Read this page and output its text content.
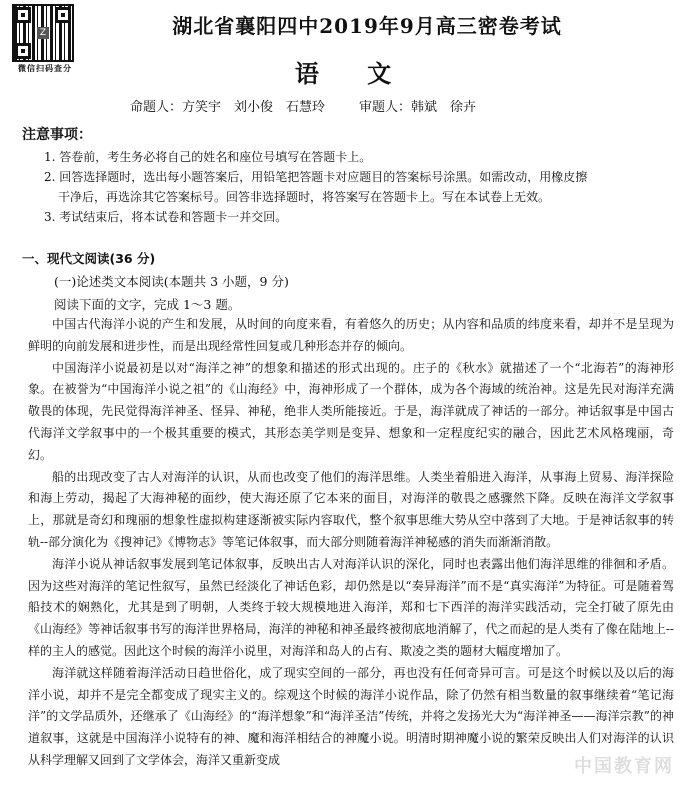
Z
微信扫码查分
湖北省襄阳四中2019年9月高三密卷考试
语 文
命题人：方笑宇　刘小俊　石慧玲	审题人：韩斌　徐卉
注意事项：

1. 答卷前，考生务必将自己的姓名和座位号填写在答题卡上。

2. 回答选择题时，选出每小题答案后，用铅笔把答题卡对应题目的答案标号涂黑。如需改动，用橡皮擦

干净后，再选涂其它答案标号。回答非选择题时，将答案写在答题卡上。写在本试卷上无效。

3. 考试结束后，将本试卷和答题卡一并交回。

一、现代文阅读(36 分)
(一)论述类文本阅读(本题共 3 小题，9 分)
阅读下面的文字，完成 1～3 题。

中国古代海洋小说的产生和发展，从时间的向度来看，有着悠久的历史；从内容和品质的纬度来看，却并不是呈现为鲜明的向前发展和进步性，而是出现经常性回复或几种形态并存的倾向。

中国海洋小说最初是以对“海洋之神”的想象和描述的形式出现的。庄子的《秋水》就描述了一个“北海若”的海神形象。在被誉为“中国海洋小说之祖”的《山海经》中，海神形成了一个群体，成为各个海域的统治神。这是先民对海洋充满敬畏的体现，先民觉得海洋神圣、怪异、神秘，绝非人类所能接近。于是，海洋就成了神话的一部分。神话叙事是中国古代海洋文学叙事中的一个极其重要的模式，其形态美学则是变异、想象和一定程度纪实的融合，因此艺术风格瑰丽，奇幻。

船的出现改变了古人对海洋的认识，从而也改变了他们的海洋思维。人类坐着船进入海洋，从事海上贸易、海洋探险和海上劳动，揭起了大海神秘的面纱，使大海还原了它本来的面目，对海洋的敬畏之感骤然下降。反映在海洋文学叙事上，那就是奇幻和瑰丽的想象性虚拟构建逐渐被实际内容取代，整个叙事思维大势从空中落到了大地。于是神话叙事的转轨--部分演化为《搜神记》《博物志》等笔记体叙事，而大部分则随着海洋神秘感的消失而渐渐消散。

海洋小说从神话叙事发展到笔记体叙事，反映出古人对海洋认识的深化，同时也表露出他们海洋思维的徘徊和矛盾。因为这些对海洋的笔记性叙写，虽然已经淡化了神话色彩，却仍然是以“奏异海洋”而不是“真实海洋”为特征。可是随着驾船技术的娴熟化，尤其是到了明朝，人类终于较大规模地进入海洋，郑和七下西洋的海洋实践活动，完全打破了原先由《山海经》等神话叙事书写的海洋世界格局，海洋的神秘和神圣最终被彻底地消解了，代之而起的是人类有了像在陆地上--样的主人的感觉。因此这个时候的海洋小说里，对海洋和岛人的占有、欺凌之类的题材大幅度增加了。

海洋就这样随着海洋活动日趋世俗化，成了现实空间的一部分，再也没有任何奇异可言。可是这个时候以及以后的海洋小说，却并不是完全都变成了现实主义的。综观这个时候的海洋小说作品，除了仍然有相当数量的叙事继续着“笔记海洋”的文学品质外，还继承了《山海经》的“海洋想象”和“海洋圣洁”传统，并将之发扬光大为“海洋神圣——海洋宗教”的神道叙事，这就是中国海洋小说特有的神、魔和海洋相结合的神魔小说。明清时期神魔小说的繁荣反映出人们对海洋的认识从科学理解又回到了文学体会，海洋又重新变成	中国教育网
